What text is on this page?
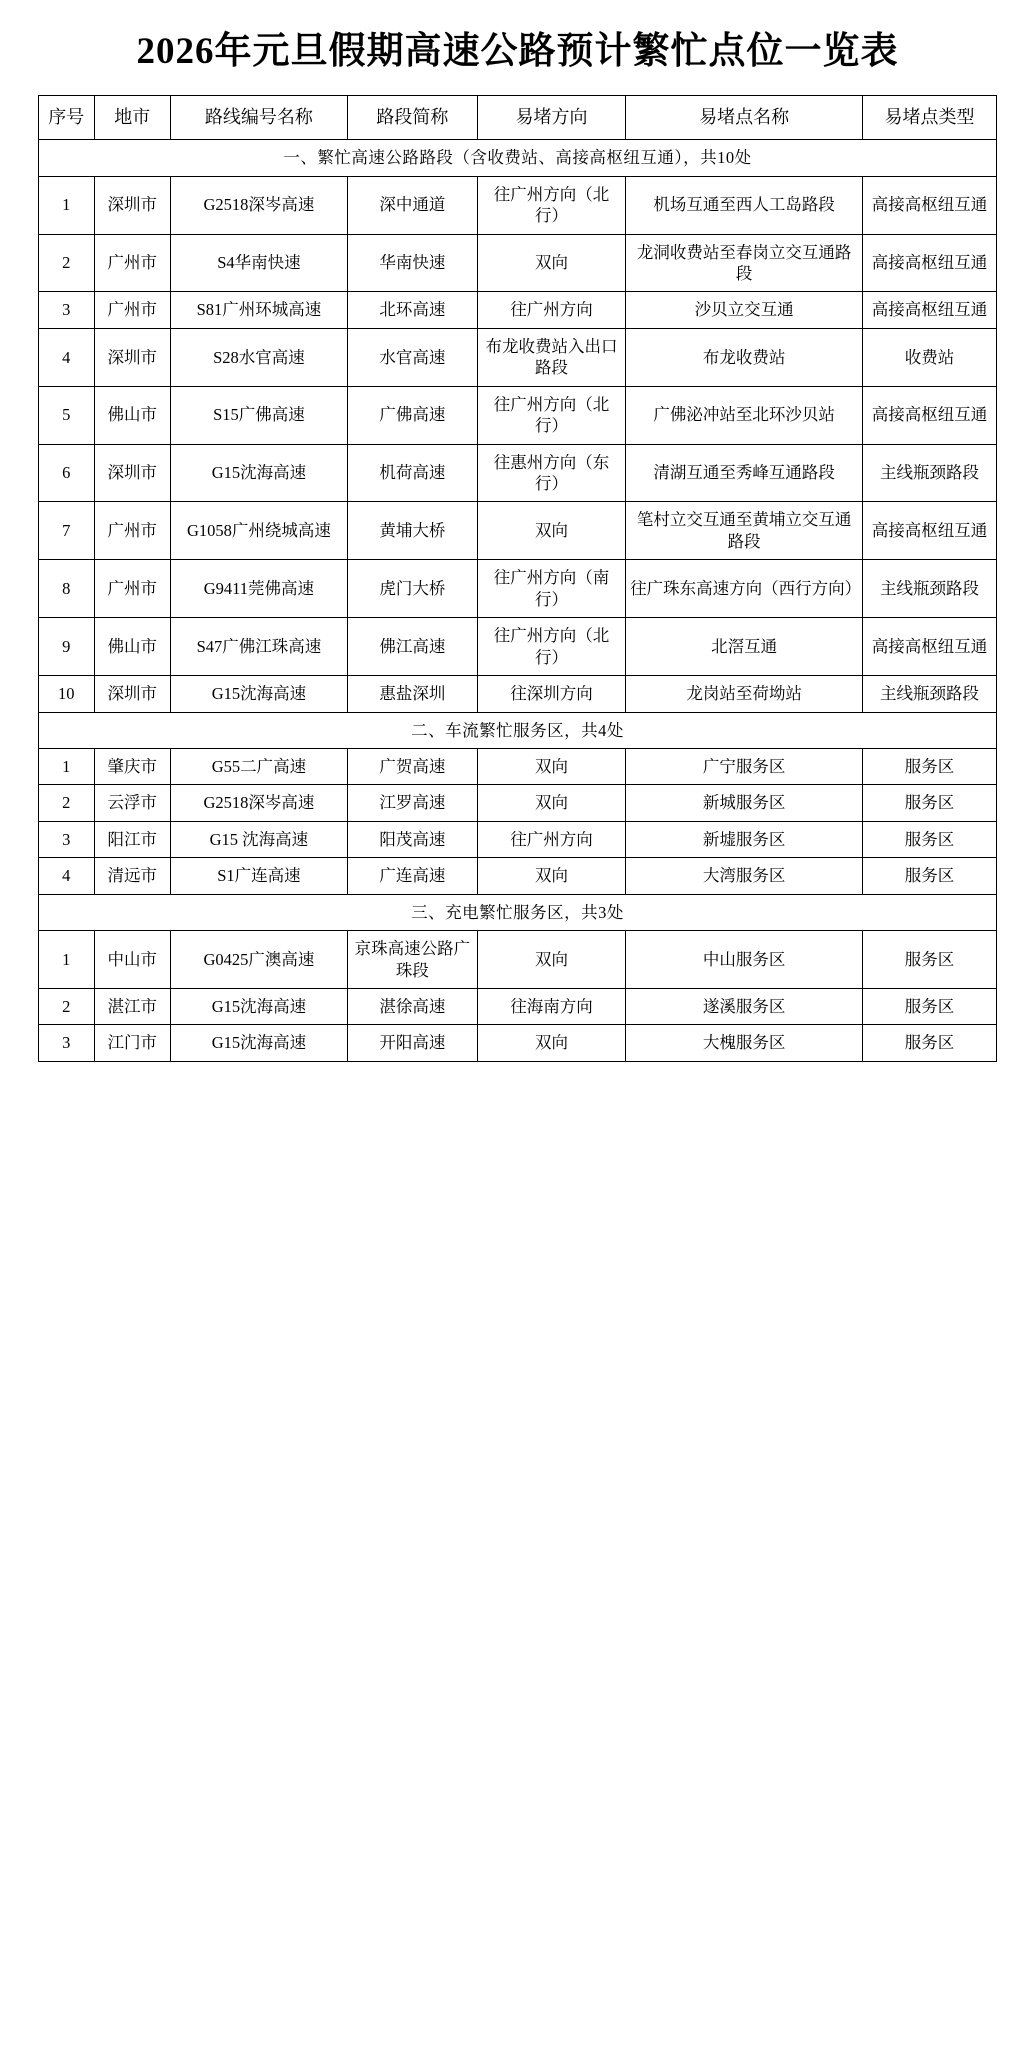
2026年元旦假期高速公路预计繁忙点位一览表
序号	地市	路线编号名称	路段简称	易堵方向	易堵点名称	易堵点类型
一、繁忙高速公路路段（含收费站、高接高枢纽互通），共10处						
1	深圳市	G2518深岑高速	深中通道	往广州方向（北行）	机场互通至西人工岛路段	高接高枢纽互通
2	广州市	S4华南快速	华南快速	双向	龙洞收费站至春岗立交互通路段	高接高枢纽互通
3	广州市	S81广州环城高速	北环高速	往广州方向	沙贝立交互通	高接高枢纽互通
4	深圳市	S28水官高速	水官高速	布龙收费站入出口路段	布龙收费站	收费站
5	佛山市	S15广佛高速	广佛高速	往广州方向（北行）	广佛泌冲站至北环沙贝站	高接高枢纽互通
6	深圳市	G15沈海高速	机荷高速	往惠州方向（东行）	清湖互通至秀峰互通路段	主线瓶颈路段
7	广州市	G1058广州绕城高速	黄埔大桥	双向	笔村立交互通至黄埔立交互通路段	高接高枢纽互通
8	广州市	G9411莞佛高速	虎门大桥	往广州方向（南行）	往广珠东高速方向（西行方向）	主线瓶颈路段
9	佛山市	S47广佛江珠高速	佛江高速	往广州方向（北行）	北滘互通	高接高枢纽互通
10	深圳市	G15沈海高速	惠盐深圳	往深圳方向	龙岗站至荷坳站	主线瓶颈路段
二、车流繁忙服务区，共4处						
1	肇庆市	G55二广高速	广贺高速	双向	广宁服务区	服务区
2	云浮市	G2518深岑高速	江罗高速	双向	新城服务区	服务区
3	阳江市	G15 沈海高速	阳茂高速	往广州方向	新墟服务区	服务区
4	清远市	S1广连高速	广连高速	双向	大湾服务区	服务区
三、充电繁忙服务区，共3处						
1	中山市	G0425广澳高速	京珠高速公路广珠段	双向	中山服务区	服务区
2	湛江市	G15沈海高速	湛徐高速	往海南方向	遂溪服务区	服务区
3	江门市	G15沈海高速	开阳高速	双向	大槐服务区	服务区
